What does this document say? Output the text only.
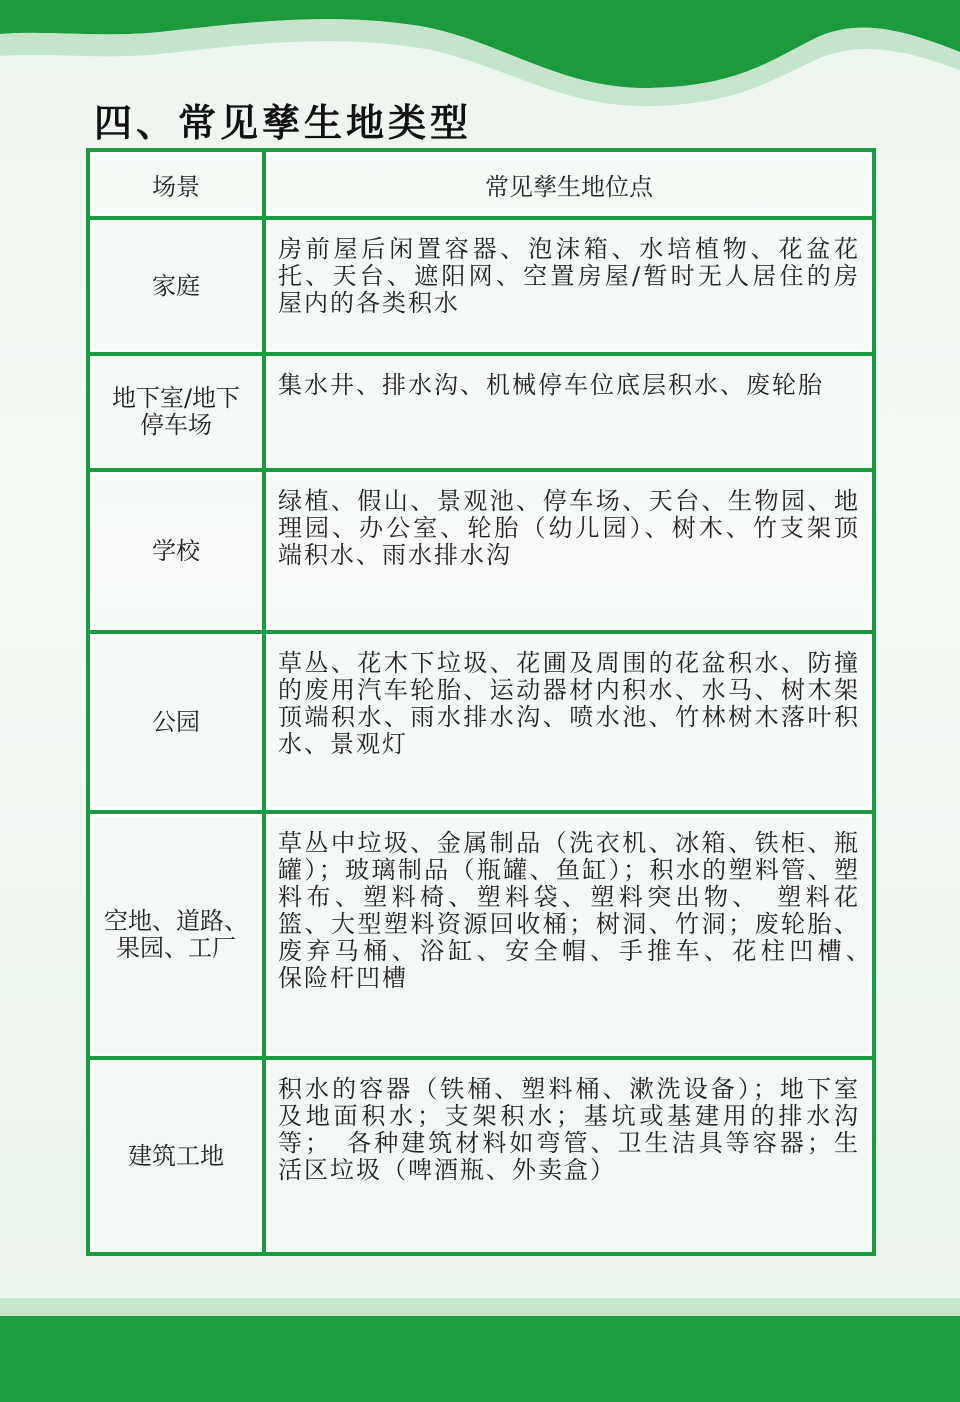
四、常见孳生地类型
场景	常见孳生地位点
家庭	房前屋后闲置容器、泡沫箱、水培植物、花盆花托、天台、遮阳网、空置房屋/暂时无人居住的房屋内的各类积水
地下室/地下停车场	集水井、排水沟、机械停车位底层积水、废轮胎
学校	绿植、假山、景观池、停车场、天台、生物园、地理园、办公室、轮胎（幼儿园）、树木、竹支架顶端积水、雨水排水沟
公园	草丛、花木下垃圾、花圃及周围的花盆积水、防撞的废用汽车轮胎、运动器材内积水、水马、树木架顶端积水、雨水排水沟、喷水池、竹林树木落叶积水、景观灯
空地、道路、果园、工厂	草丛中垃圾、金属制品（洗衣机、冰箱、铁柜、瓶罐）；玻璃制品（瓶罐、鱼缸）；积水的塑料管、塑料布、塑料椅、塑料袋、塑料突出物、　塑料花篮、大型塑料资源回收桶；树洞、竹洞；废轮胎、废弃马桶、浴缸、安全帽、手推车、花柱凹槽、　保险杆凹槽
建筑工地	积水的容器（铁桶、塑料桶、漱洗设备）；地下室及地面积水；支架积水；基坑或基建用的排水沟等；　各种建筑材料如弯管、卫生洁具等容器；生活区垃圾（啤酒瓶、外卖盒）
